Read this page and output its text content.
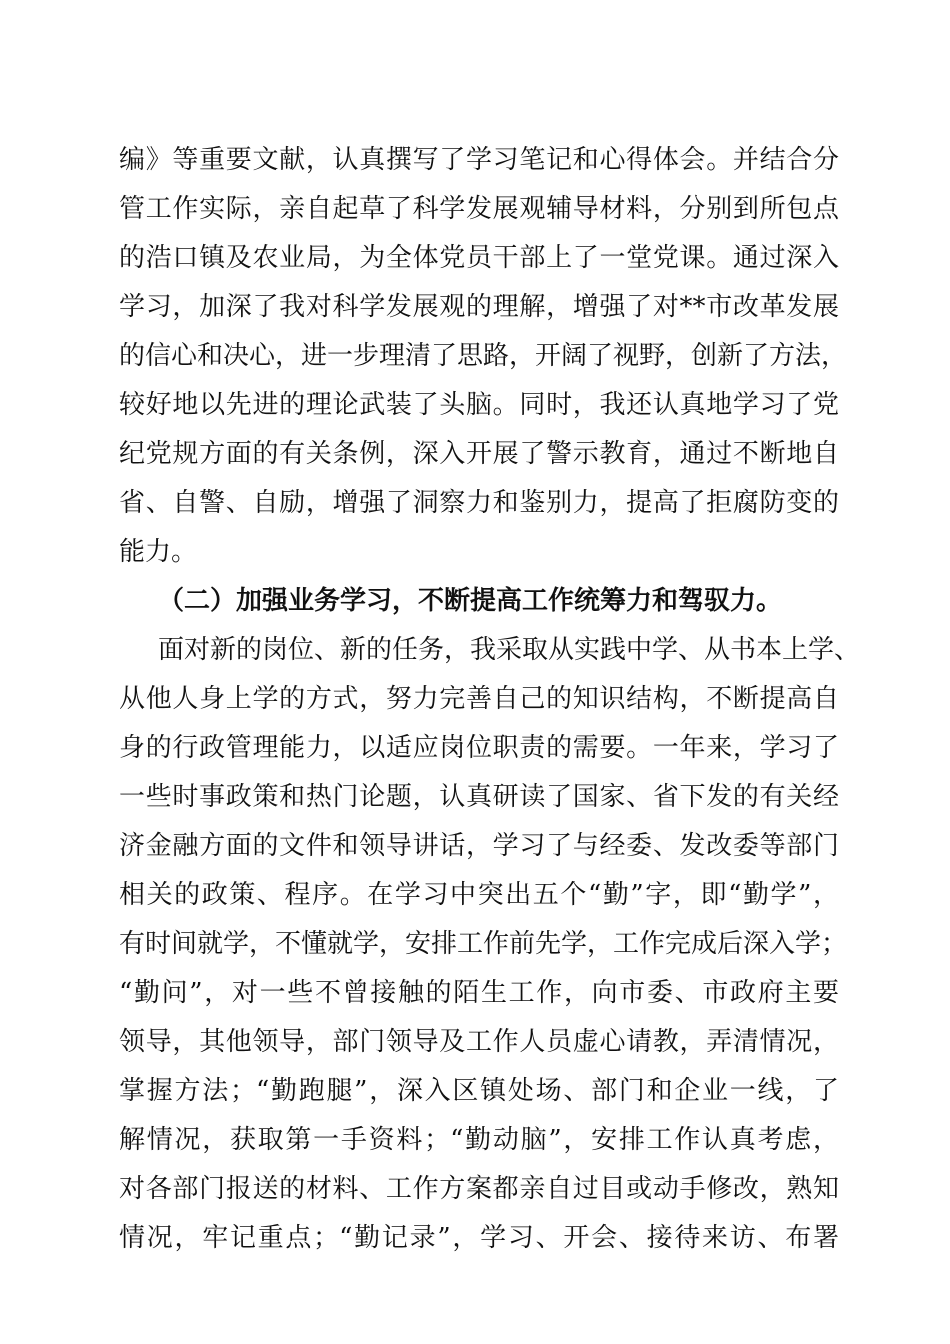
编》等重要文献，认真撰写了学习笔记和心得体会。并结合分
管工作实际，亲自起草了科学发展观辅导材料，分别到所包点
的浩口镇及农业局，为全体党员干部上了一堂党课。通过深入
学习，加深了我对科学发展观的理解，增强了对**市改革发展
的信心和决心，进一步理清了思路，开阔了视野，创新了方法，
较好地以先进的理论武装了头脑。同时，我还认真地学习了党
纪党规方面的有关条例，深入开展了警示教育，通过不断地自
省、自警、自励，增强了洞察力和鉴别力，提高了拒腐防变的
能力。
（二）加强业务学习，不断提高工作统筹力和驾驭力。
面对新的岗位、新的任务，我采取从实践中学、从书本上学、
从他人身上学的方式，努力完善自己的知识结构，不断提高自
身的行政管理能力，以适应岗位职责的需要。一年来，学习了
一些时事政策和热门论题，认真研读了国家、省下发的有关经
济金融方面的文件和领导讲话，学习了与经委、发改委等部门
相关的政策、程序。在学习中突出五个“勤”字，即“勤学”，
有时间就学，不懂就学，安排工作前先学，工作完成后深入学；
“勤问”，对一些不曾接触的陌生工作，向市委、市政府主要
领导，其他领导，部门领导及工作人员虚心请教，弄清情况，
掌握方法；“勤跑腿”，深入区镇处场、部门和企业一线，了
解情况，获取第一手资料；“勤动脑”，安排工作认真考虑，
对各部门报送的材料、工作方案都亲自过目或动手修改，熟知
情况，牢记重点；“勤记录”，学习、开会、接待来访、布署
